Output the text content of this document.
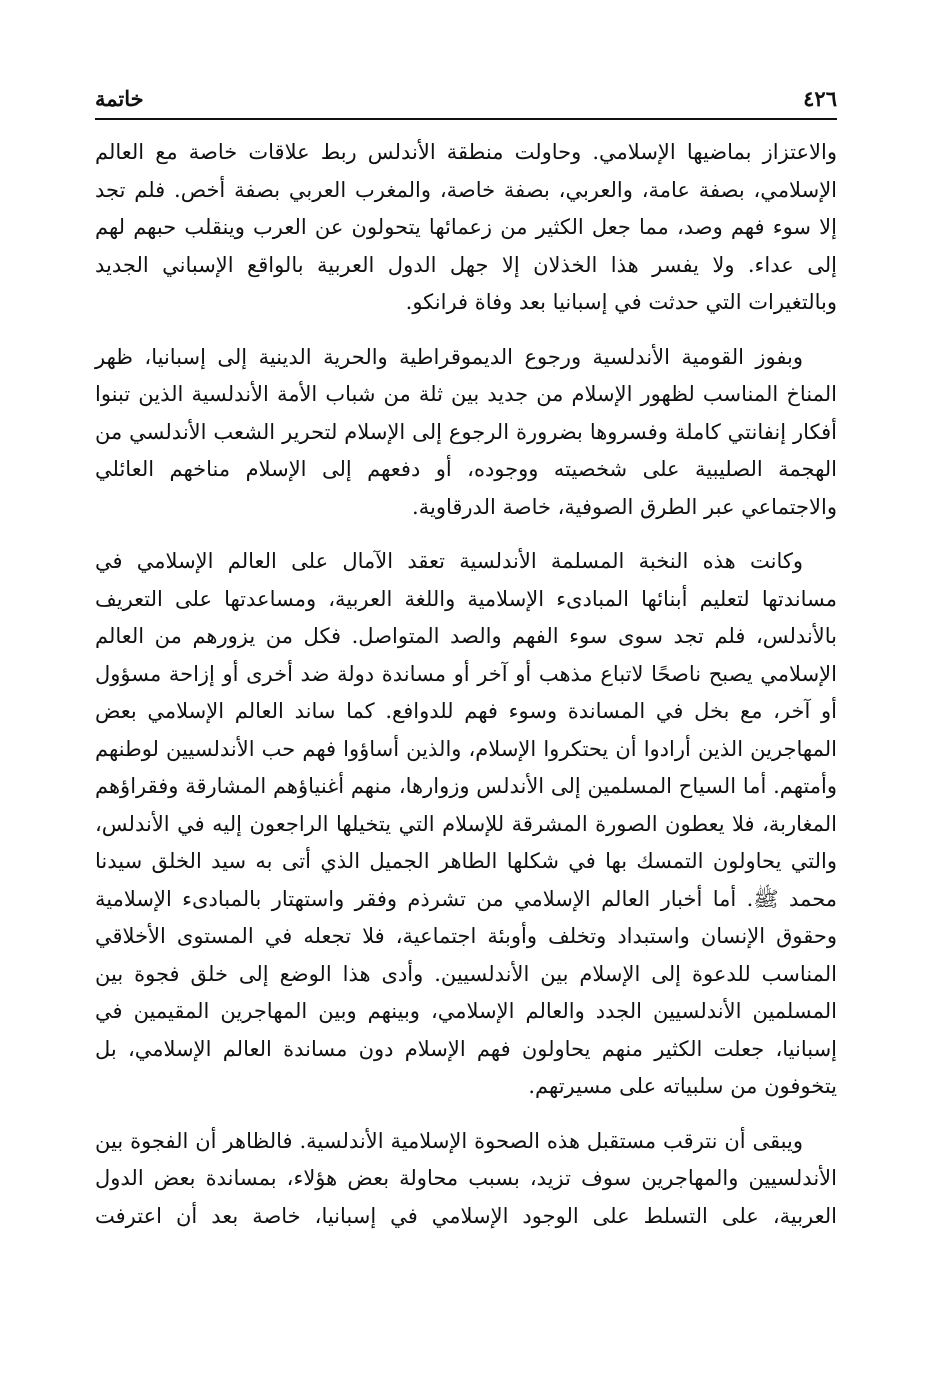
٤٢٦
خاتمة

والاعتزاز بماضيها الإسلامي. وحاولت منطقة الأندلس ربط علاقات خاصة مع العالم الإسلامي، بصفة عامة، والعربي، بصفة خاصة، والمغرب العربي بصفة أخص. فلم تجد إلا سوء فهم وصد، مما جعل الكثير من زعمائها يتحولون عن العرب وينقلب حبهم لهم إلى عداء. ولا يفسر هذا الخذلان إلا جهل الدول العربية بالواقع الإسباني الجديد وبالتغيرات التي حدثت في إسبانيا بعد وفاة فرانكو.

وبفوز القومية الأندلسية ورجوع الديموقراطية والحرية الدينية إلى إسبانيا، ظهر المناخ المناسب لظهور الإسلام من جديد بين ثلة من شباب الأمة الأندلسية الذين تبنوا أفكار إنفانتي كاملة وفسروها بضرورة الرجوع إلى الإسلام لتحرير الشعب الأندلسي من الهجمة الصليبية على شخصيته ووجوده، أو دفعهم إلى الإسلام مناخهم العائلي والاجتماعي عبر الطرق الصوفية، خاصة الدرقاوية.

وكانت هذه النخبة المسلمة الأندلسية تعقد الآمال على العالم الإسلامي في مساندتها لتعليم أبنائها المبادىء الإسلامية واللغة العربية، ومساعدتها على التعريف بالأندلس، فلم تجد سوى سوء الفهم والصد المتواصل. فكل من يزورهم من العالم الإسلامي يصبح ناصحًا لاتباع مذهب أو آخر أو مساندة دولة ضد أخرى أو إزاحة مسؤول أو آخر، مع بخل في المساندة وسوء فهم للدوافع. كما ساند العالم الإسلامي بعض المهاجرين الذين أرادوا أن يحتكروا الإسلام، والذين أساؤوا فهم حب الأندلسيين لوطنهم وأمتهم. أما السياح المسلمين إلى الأندلس وزوارها، منهم أغنياؤهم المشارقة وفقراؤهم المغاربة، فلا يعطون الصورة المشرقة للإسلام التي يتخيلها الراجعون إليه في الأندلس، والتي يحاولون التمسك بها في شكلها الطاهر الجميل الذي أتى به سيد الخلق سيدنا محمد ﷺ. أما أخبار العالم الإسلامي من تشرذم وفقر واستهتار بالمبادىء الإسلامية وحقوق الإنسان واستبداد وتخلف وأوبئة اجتماعية، فلا تجعله في المستوى الأخلاقي المناسب للدعوة إلى الإسلام بين الأندلسيين. وأدى هذا الوضع إلى خلق فجوة بين المسلمين الأندلسيين الجدد والعالم الإسلامي، وبينهم وبين المهاجرين المقيمين في إسبانيا، جعلت الكثير منهم يحاولون فهم الإسلام دون مساندة العالم الإسلامي، بل يتخوفون من سلبياته على مسيرتهم.

ويبقى أن نترقب مستقبل هذه الصحوة الإسلامية الأندلسية. فالظاهر أن الفجوة بين الأندلسيين والمهاجرين سوف تزيد، بسبب محاولة بعض هؤلاء، بمساندة بعض الدول العربية، على التسلط على الوجود الإسلامي في إسبانيا، خاصة بعد أن اعترفت
